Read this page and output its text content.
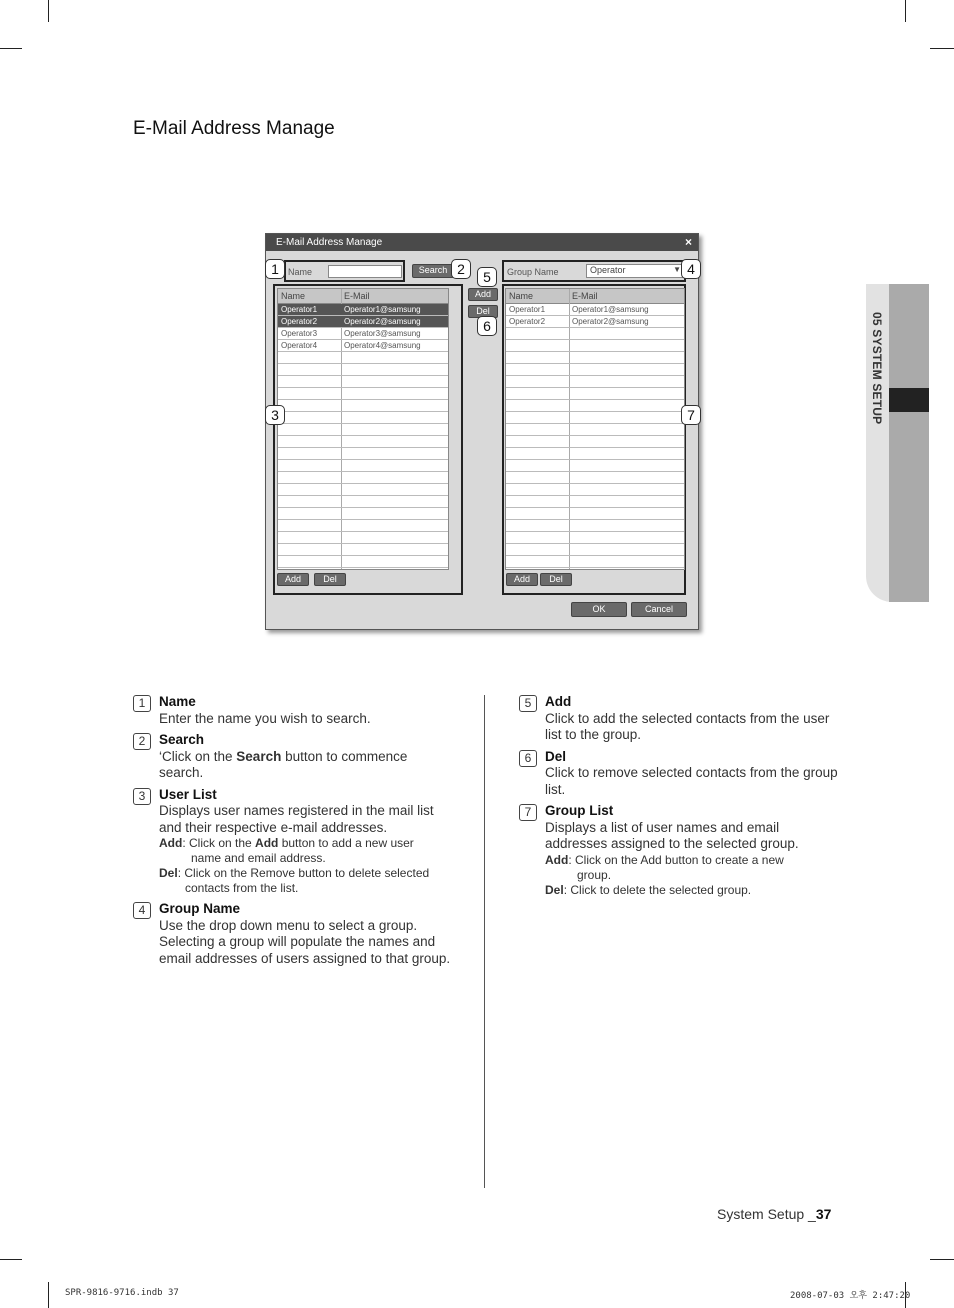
E-Mail Address Manage
05 SYSTEM SETUP
E-Mail Address Manage	×
Name	Search
Name	E-Mail
Operator1	Operator1@samsung
Operator2	Operator2@samsung
Operator3	Operator3@samsung
Operator4	Operator4@samsung
Add	Del
Add
Del
Group Name	Operator	▼
Name	E-Mail
Operator1	Operator1@samsung
Operator2	Operator2@samsung
Add	Del
OK	Cancel
1	2
3
4
5
6
7
1	Name
Enter the name you wish to search.
2	Search
‘Click on the Search button to commence search.
3	User List
Displays user names registered in the mail list and their respective e-mail addresses.
Add: Click on the Add button to add a new user
name and email address.
Del: Click on the Remove button to delete selected
contacts from the list.
4	Group Name
Use the drop down menu to select a group. Selecting a group will populate the names and email addresses of users assigned to that group.
5	Add
Click to add the selected contacts from the user list to the group.
6	Del
Click to remove selected contacts from the group list.
7	Group List
Displays a list of user names and email addresses assigned to the selected group.
Add: Click on the Add button to create a new
group.
Del: Click to delete the selected group.
System Setup _37
SPR-9816-9716.indb 37	2008-07-03 오후 2:47:20
